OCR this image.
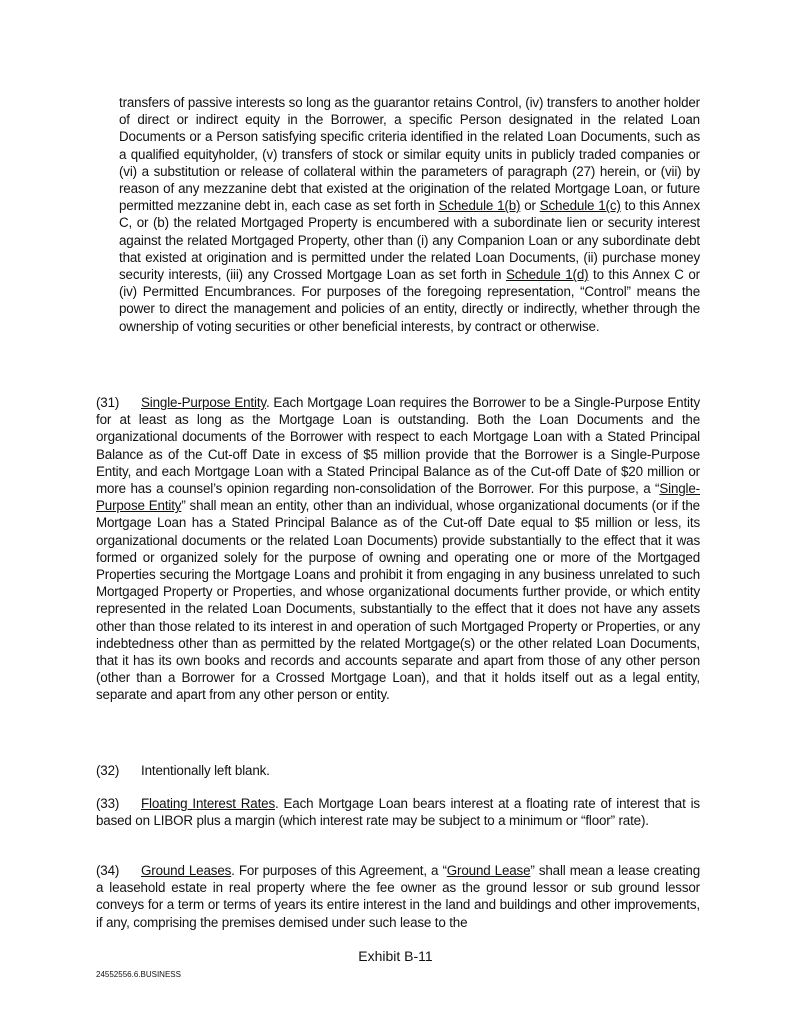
transfers of passive interests so long as the guarantor retains Control, (iv) transfers to another holder of direct or indirect equity in the Borrower, a specific Person designated in the related Loan Documents or a Person satisfying specific criteria identified in the related Loan Documents, such as a qualified equityholder, (v) transfers of stock or similar equity units in publicly traded companies or (vi) a substitution or release of collateral within the parameters of paragraph (27) herein, or (vii) by reason of any mezzanine debt that existed at the origination of the related Mortgage Loan, or future permitted mezzanine debt in, each case as set forth in Schedule 1(b) or Schedule 1(c) to this Annex C, or (b) the related Mortgaged Property is encumbered with a subordinate lien or security interest against the related Mortgaged Property, other than (i) any Companion Loan or any subordinate debt that existed at origination and is permitted under the related Loan Documents, (ii) purchase money security interests, (iii) any Crossed Mortgage Loan as set forth in Schedule 1(d) to this Annex C or (iv) Permitted Encumbrances. For purposes of the foregoing representation, “Control” means the power to direct the management and policies of an entity, directly or indirectly, whether through the ownership of voting securities or other beneficial interests, by contract or otherwise.
(31) Single-Purpose Entity. Each Mortgage Loan requires the Borrower to be a Single-Purpose Entity for at least as long as the Mortgage Loan is outstanding. Both the Loan Documents and the organizational documents of the Borrower with respect to each Mortgage Loan with a Stated Principal Balance as of the Cut-off Date in excess of $5 million provide that the Borrower is a Single-Purpose Entity, and each Mortgage Loan with a Stated Principal Balance as of the Cut-off Date of $20 million or more has a counsel’s opinion regarding non-consolidation of the Borrower. For this purpose, a “Single-Purpose Entity” shall mean an entity, other than an individual, whose organizational documents (or if the Mortgage Loan has a Stated Principal Balance as of the Cut-off Date equal to $5 million or less, its organizational documents or the related Loan Documents) provide substantially to the effect that it was formed or organized solely for the purpose of owning and operating one or more of the Mortgaged Properties securing the Mortgage Loans and prohibit it from engaging in any business unrelated to such Mortgaged Property or Properties, and whose organizational documents further provide, or which entity represented in the related Loan Documents, substantially to the effect that it does not have any assets other than those related to its interest in and operation of such Mortgaged Property or Properties, or any indebtedness other than as permitted by the related Mortgage(s) or the other related Loan Documents, that it has its own books and records and accounts separate and apart from those of any other person (other than a Borrower for a Crossed Mortgage Loan), and that it holds itself out as a legal entity, separate and apart from any other person or entity.
(32) Intentionally left blank.
(33) Floating Interest Rates. Each Mortgage Loan bears interest at a floating rate of interest that is based on LIBOR plus a margin (which interest rate may be subject to a minimum or “floor” rate).
(34) Ground Leases. For purposes of this Agreement, a “Ground Lease” shall mean a lease creating a leasehold estate in real property where the fee owner as the ground lessor or sub ground lessor conveys for a term or terms of years its entire interest in the land and buildings and other improvements, if any, comprising the premises demised under such lease to the
Exhibit B-11
24552556.6.BUSINESS
